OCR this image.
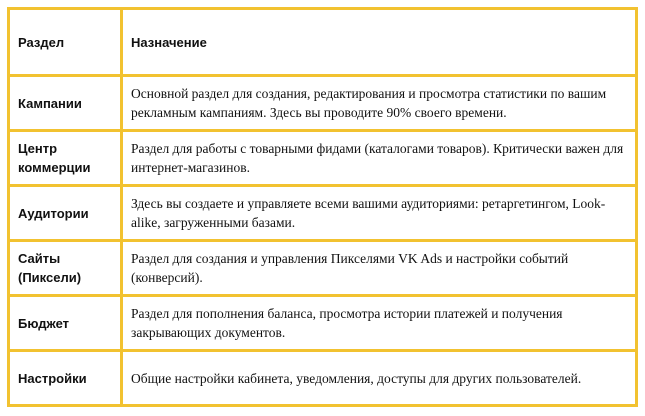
Раздел	Назначение
Кампании	Основной раздел для создания, редактирования и просмотра статистики по вашим рекламным кампаниям. Здесь вы проводите 90% своего времени.
Центр коммерции	Раздел для работы с товарными фидами (каталогами товаров). Критически важен для интернет-магазинов.
Аудитории	Здесь вы создаете и управляете всеми вашими аудиториями: ретаргетингом, Look-alike, загруженными базами.
Сайты (Пиксели)	Раздел для создания и управления Пикселями VK Ads и настройки событий (конверсий).
Бюджет	Раздел для пополнения баланса, просмотра истории платежей и получения закрывающих документов.
Настройки	Общие настройки кабинета, уведомления, доступы для других пользователей.
